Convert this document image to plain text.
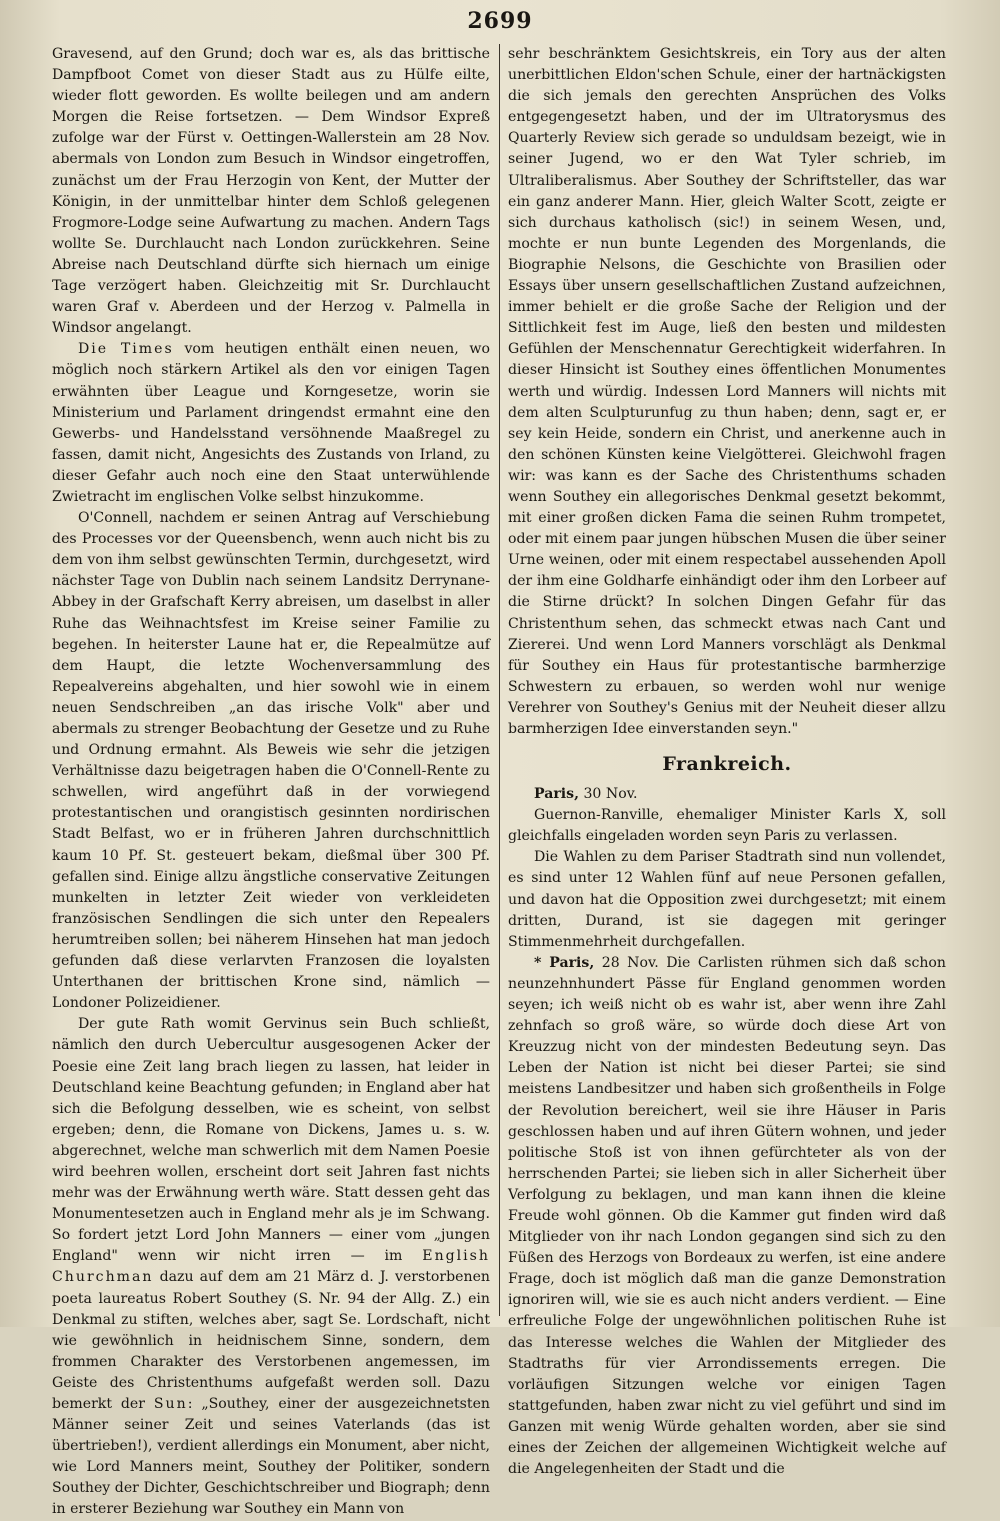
2699

Gravesend, auf den Grund; doch war es, als das brittische Dampfboot Comet von dieser Stadt aus zu Hülfe eilte, wieder flott geworden. Es wollte beilegen und am andern Morgen die Reise fortsetzen. — Dem Windsor Expreß zufolge war der Fürst v. Oettingen-Wallerstein am 28 Nov. abermals von London zum Besuch in Windsor eingetroffen, zunächst um der Frau Herzogin von Kent, der Mutter der Königin, in der unmittelbar hinter dem Schloß gelegenen Frogmore-Lodge seine Aufwartung zu machen. Andern Tags wollte Se. Durchlaucht nach London zurückkehren. Seine Abreise nach Deutschland dürfte sich hiernach um einige Tage verzögert haben. Gleichzeitig mit Sr. Durchlaucht waren Graf v. Aberdeen und der Herzog v. Palmella in Windsor angelangt.

Die Times vom heutigen enthält einen neuen, wo möglich noch stärkern Artikel als den vor einigen Tagen erwähnten über League und Korngesetze, worin sie Ministerium und Parlament dringendst ermahnt eine den Gewerbs- und Handelsstand versöhnende Maaßregel zu fassen, damit nicht, Angesichts des Zustands von Irland, zu dieser Gefahr auch noch eine den Staat unterwühlende Zwietracht im englischen Volke selbst hinzukomme.

O'Connell, nachdem er seinen Antrag auf Verschiebung des Processes vor der Queensbench, wenn auch nicht bis zu dem von ihm selbst gewünschten Termin, durchgesetzt, wird nächster Tage von Dublin nach seinem Landsitz Derrynane-Abbey in der Grafschaft Kerry abreisen, um daselbst in aller Ruhe das Weihnachtsfest im Kreise seiner Familie zu begehen. In heiterster Laune hat er, die Repealmütze auf dem Haupt, die letzte Wochenversammlung des Repealvereins abgehalten, und hier sowohl wie in einem neuen Sendschreiben „an das irische Volk" aber und abermals zu strenger Beobachtung der Gesetze und zu Ruhe und Ordnung ermahnt. Als Beweis wie sehr die jetzigen Verhältnisse dazu beigetragen haben die O'Connell-Rente zu schwellen, wird angeführt daß in der vorwiegend protestantischen und orangistisch gesinnten nordirischen Stadt Belfast, wo er in früheren Jahren durchschnittlich kaum 10 Pf. St. gesteuert bekam, dießmal über 300 Pf. gefallen sind. Einige allzu ängstliche conservative Zeitungen munkelten in letzter Zeit wieder von verkleideten französischen Sendlingen die sich unter den Repealers herumtreiben sollen; bei näherem Hinsehen hat man jedoch gefunden daß diese verlarvten Franzosen die loyalsten Unterthanen der brittischen Krone sind, nämlich — Londoner Polizeidiener.

Der gute Rath womit Gervinus sein Buch schließt, nämlich den durch Uebercultur ausgesogenen Acker der Poesie eine Zeit lang brach liegen zu lassen, hat leider in Deutschland keine Beachtung gefunden; in England aber hat sich die Befolgung desselben, wie es scheint, von selbst ergeben; denn, die Romane von Dickens, James u. s. w. abgerechnet, welche man schwerlich mit dem Namen Poesie wird beehren wollen, erscheint dort seit Jahren fast nichts mehr was der Erwähnung werth wäre. Statt dessen geht das Monumentesetzen auch in England mehr als je im Schwang. So fordert jetzt Lord John Manners — einer vom „jungen England" wenn wir nicht irren — im English Churchman dazu auf dem am 21 März d. J. verstorbenen poeta laureatus Robert Southey (S. Nr. 94 der Allg. Z.) ein Denkmal zu stiften, welches aber, sagt Se. Lordschaft, nicht wie gewöhnlich in heidnischem Sinne, sondern, dem frommen Charakter des Verstorbenen angemessen, im Geiste des Christenthums aufgefaßt werden soll. Dazu bemerkt der Sun: „Southey, einer der ausgezeichnetsten Männer seiner Zeit und seines Vaterlands (das ist übertrieben!), verdient allerdings ein Monument, aber nicht, wie Lord Manners meint, Southey der Politiker, sondern Southey der Dichter, Geschichtschreiber und Biograph; denn in ersterer Beziehung war Southey ein Mann von

sehr beschränktem Gesichtskreis, ein Tory aus der alten unerbittlichen Eldon'schen Schule, einer der hartnäckigsten die sich jemals den gerechten Ansprüchen des Volks entgegengesetzt haben, und der im Ultratorysmus des Quarterly Review sich gerade so unduldsam bezeigt, wie in seiner Jugend, wo er den Wat Tyler schrieb, im Ultraliberalismus. Aber Southey der Schriftsteller, das war ein ganz anderer Mann. Hier, gleich Walter Scott, zeigte er sich durchaus katholisch (sic!) in seinem Wesen, und, mochte er nun bunte Legenden des Morgenlands, die Biographie Nelsons, die Geschichte von Brasilien oder Essays über unsern gesellschaftlichen Zustand aufzeichnen, immer behielt er die große Sache der Religion und der Sittlichkeit fest im Auge, ließ den besten und mildesten Gefühlen der Menschennatur Gerechtigkeit widerfahren. In dieser Hinsicht ist Southey eines öffentlichen Monumentes werth und würdig. Indessen Lord Manners will nichts mit dem alten Sculpturunfug zu thun haben; denn, sagt er, er sey kein Heide, sondern ein Christ, und anerkenne auch in den schönen Künsten keine Vielgötterei. Gleichwohl fragen wir: was kann es der Sache des Christenthums schaden wenn Southey ein allegorisches Denkmal gesetzt bekommt, mit einer großen dicken Fama die seinen Ruhm trompetet, oder mit einem paar jungen hübschen Musen die über seiner Urne weinen, oder mit einem respectabel aussehenden Apoll der ihm eine Goldharfe einhändigt oder ihm den Lorbeer auf die Stirne drückt? In solchen Dingen Gefahr für das Christenthum sehen, das schmeckt etwas nach Cant und Ziererei. Und wenn Lord Manners vorschlägt als Denkmal für Southey ein Haus für protestantische barmherzige Schwestern zu erbauen, so werden wohl nur wenige Verehrer von Southey's Genius mit der Neuheit dieser allzu barmherzigen Idee einverstanden seyn."

Frankreich.

Paris, 30 Nov.

Guernon-Ranville, ehemaliger Minister Karls X, soll gleichfalls eingeladen worden seyn Paris zu verlassen.

Die Wahlen zu dem Pariser Stadtrath sind nun vollendet, es sind unter 12 Wahlen fünf auf neue Personen gefallen, und davon hat die Opposition zwei durchgesetzt; mit einem dritten, Durand, ist sie dagegen mit geringer Stimmenmehrheit durchgefallen.

* Paris, 28 Nov. Die Carlisten rühmen sich daß schon neunzehnhundert Pässe für England genommen worden seyen; ich weiß nicht ob es wahr ist, aber wenn ihre Zahl zehnfach so groß wäre, so würde doch diese Art von Kreuzzug nicht von der mindesten Bedeutung seyn. Das Leben der Nation ist nicht bei dieser Partei; sie sind meistens Landbesitzer und haben sich großentheils in Folge der Revolution bereichert, weil sie ihre Häuser in Paris geschlossen haben und auf ihren Gütern wohnen, und jeder politische Stoß ist von ihnen gefürchteter als von der herrschenden Partei; sie lieben sich in aller Sicherheit über Verfolgung zu beklagen, und man kann ihnen die kleine Freude wohl gönnen. Ob die Kammer gut finden wird daß Mitglieder von ihr nach London gegangen sind sich zu den Füßen des Herzogs von Bordeaux zu werfen, ist eine andere Frage, doch ist möglich daß man die ganze Demonstration ignoriren will, wie sie es auch nicht anders verdient. — Eine erfreuliche Folge der ungewöhnlichen politischen Ruhe ist das Interesse welches die Wahlen der Mitglieder des Stadtraths für vier Arrondissements erregen. Die vorläufigen Sitzungen welche vor einigen Tagen stattgefunden, haben zwar nicht zu viel geführt und sind im Ganzen mit wenig Würde gehalten worden, aber sie sind eines der Zeichen der allgemeinen Wichtigkeit welche auf die Angelegenheiten der Stadt und die
